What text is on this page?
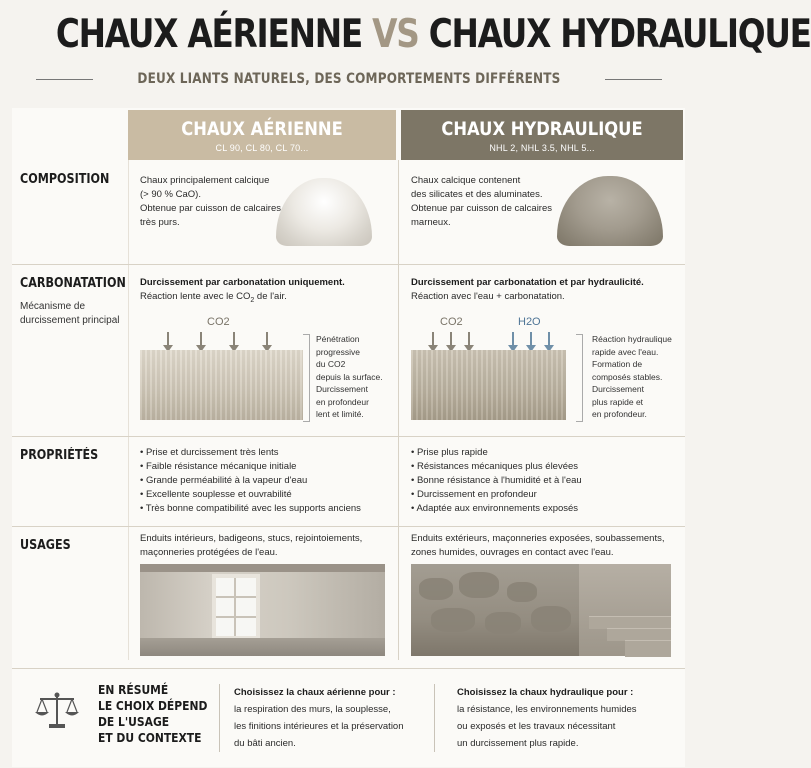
CHAUX AÉRIENNE VS CHAUX HYDRAULIQUE
DEUX LIANTS NATURELS, DES COMPORTEMENTS DIFFÉRENTS
CHAUX AÉRIENNE
CL 90, CL 80, CL 70...
CHAUX HYDRAULIQUE
NHL 2, NHL 3.5, NHL 5...
COMPOSITION	Chaux principalement calcique
(> 90 % CaO).
Obtenue par cuisson de calcaires
très purs.
Chaux calcique contenent
des silicates et des aluminates.
Obtenue par cuisson de calcaires
marneux.
CARBONATATION
Mécanisme de durcissement principal
Durcissement par carbonatation uniquement.
Réaction lente avec le $CO_2$ de l'air.
CO2
Pénétration
progressive
du CO2
depuis la surface.
Durcissement
en profondeur
lent et limité.
Durcissement par carbonatation et par hydraulicité.
Réaction avec l'eau + carbonatation.
CO2	H2O
Réaction hydraulique
rapide avec l'eau.
Formation de
composés stables.
Durcissement
plus rapide et
en profondeur.
PROPRIÉTÉS
•	Prise et durcissement très lents
• Faible résistance mécanique initiale
• Grande perméabilité à la vapeur d'eau
• Excellente souplesse et ouvrabilité
• Très bonne compatibilité avec les supports anciens
• Prise plus rapide
• Résistances mécaniques plus élevées
• Bonne résistance à l'humidité et à l'eau
• Durcissement en profondeur
• Adaptée aux environnements exposés
USAGES	Enduits intérieurs, badigeons, stucs, rejointoiements,
maçonneries protégées de l'eau.
Enduits extérieurs, maçonneries exposées, soubassements,
zones humides, ouvrages en contact avec l'eau.
EN RÉSUMÉ
LE CHOIX DÉPEND
DE L'USAGE
ET DU CONTEXTE
Choisissez la chaux aérienne pour :
la respiration des murs, la souplesse,
les finitions intérieures et la préservation
du bâti ancien.
Choisissez la chaux hydraulique pour :
la résistance, les environnements humides
ou exposés et les travaux nécessitant
un durcissement plus rapide.
